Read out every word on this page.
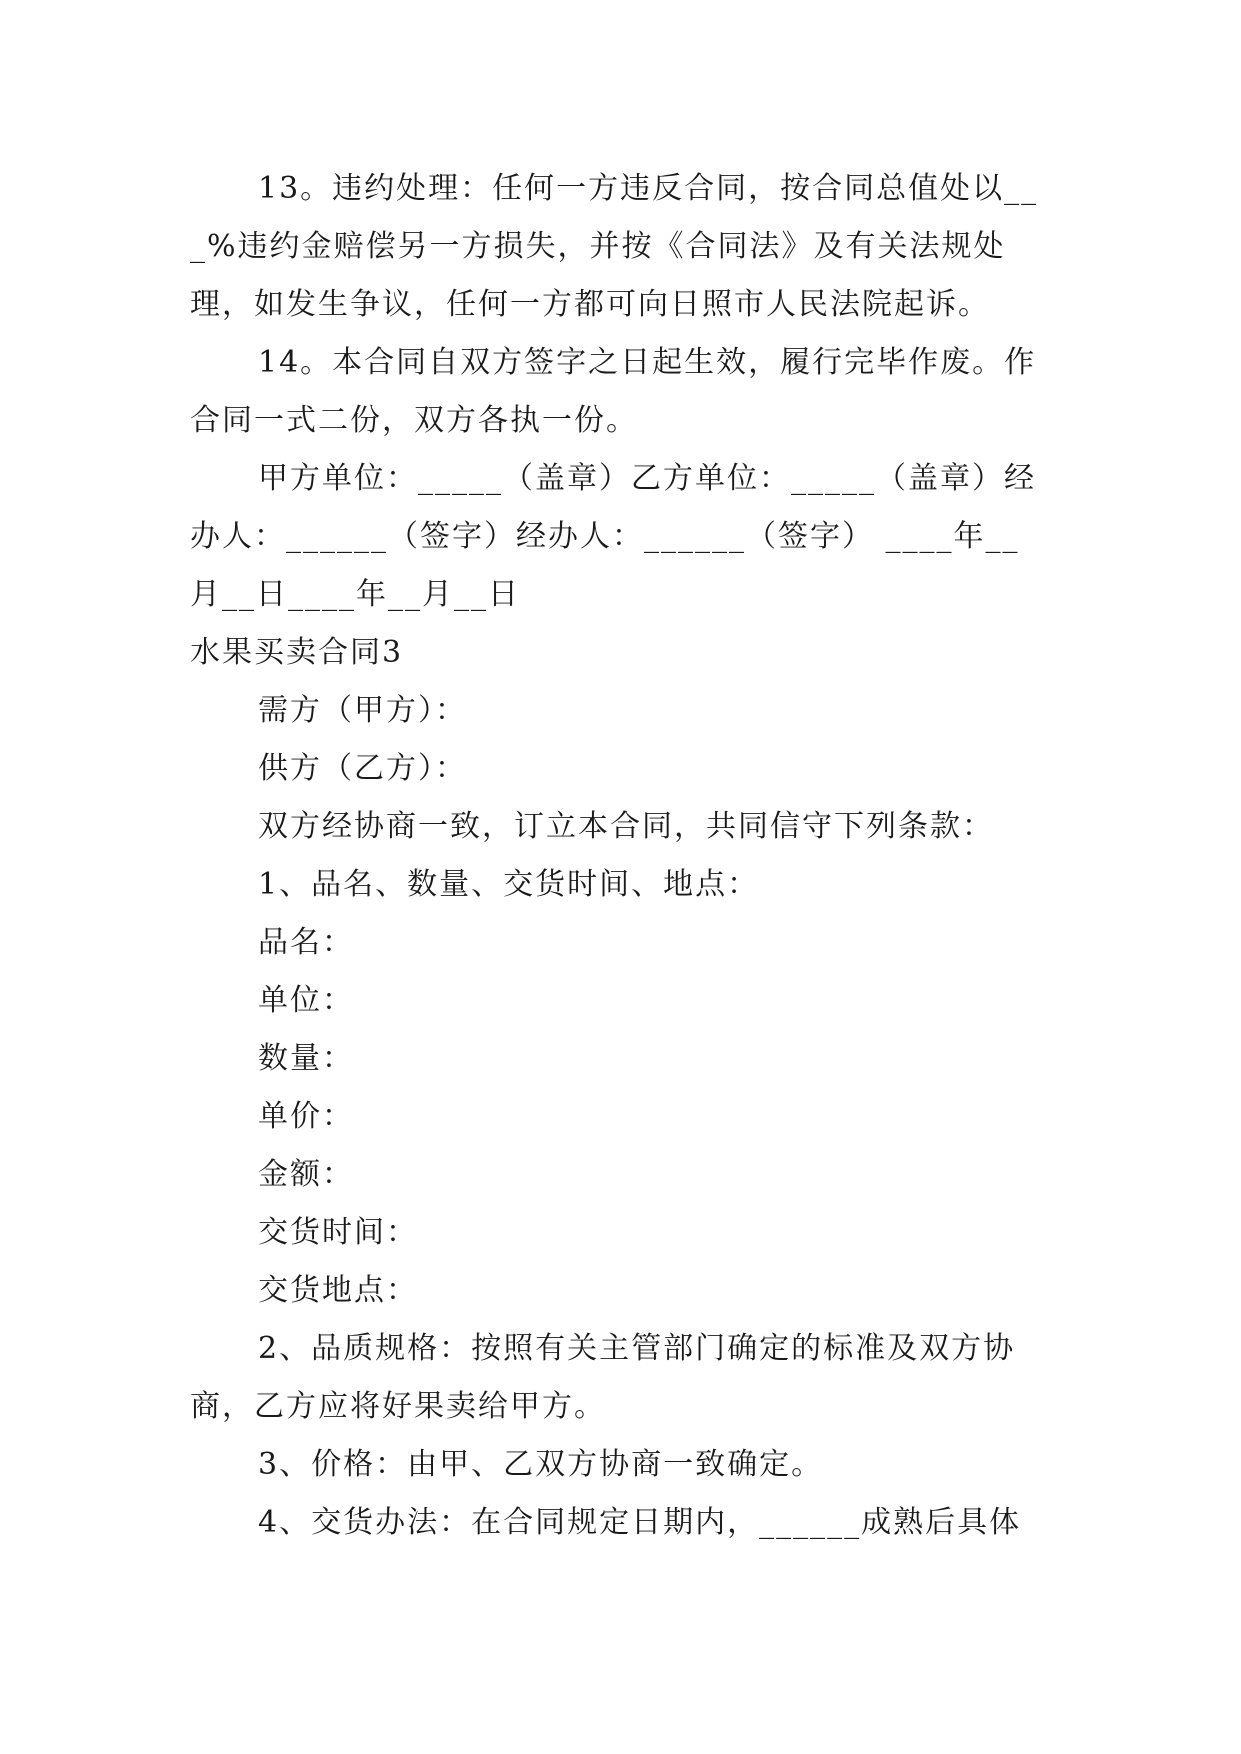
13。违约处理：任何一方违反合同，按合同总值处以___%违约金赔偿另一方损失，并按《合同法》及有关法规处理，如发生争议，任何一方都可向日照市人民法院起诉。

14。本合同自双方签字之日起生效，履行完毕作废。作合同一式二份，双方各执一份。

甲方单位：_____（盖章）乙方单位：_____（盖章）经办人：______（签字）经办人：______（签字） ____年__月__日____年__月__日

水果买卖合同3

需方（甲方）：

供方（乙方）：

双方经协商一致，订立本合同，共同信守下列条款：

1、品名、数量、交货时间、地点：

品名：

单位：

数量：

单价：

金额：

交货时间：

交货地点：

2、品质规格：按照有关主管部门确定的标准及双方协商，乙方应将好果卖给甲方。

3、价格：由甲、乙双方协商一致确定。

4、交货办法：在合同规定日期内，______成熟后具体
